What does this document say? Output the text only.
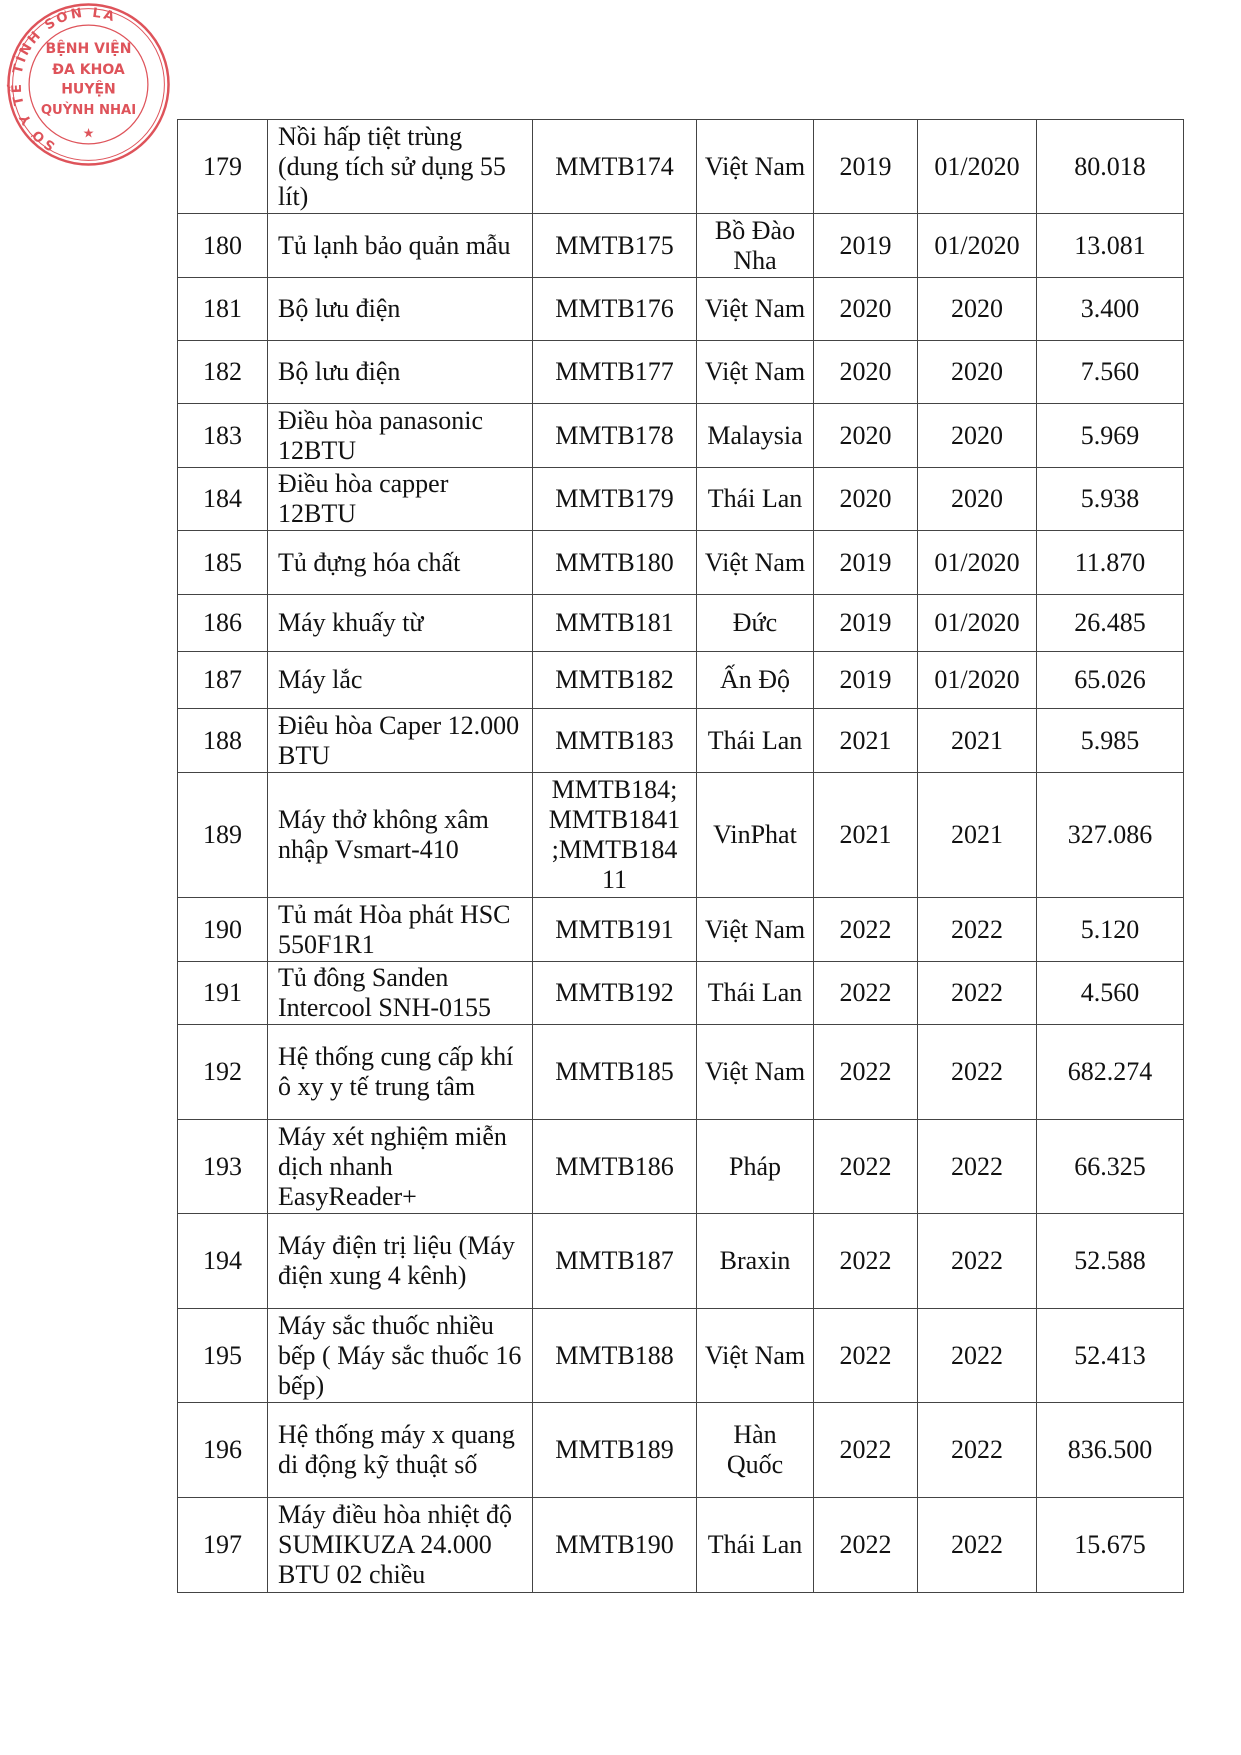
SỞ Y TẾ TỈNH SƠN LA
BỆNH VIỆN
ĐA KHOA
HUYỆN
QUỲNH NHAI
★
179	Nồi hấp tiệt trùng (dung tích sử dụng 55 lít)	MMTB174	Việt Nam	2019	01/2020	80.018
180	Tủ lạnh bảo quản mẫu	MMTB175	Bồ Đào Nha	2019	01/2020	13.081
181	Bộ lưu điện	MMTB176	Việt Nam	2020	2020	3.400
182	Bộ lưu điện	MMTB177	Việt Nam	2020	2020	7.560
183	Điều hòa panasonic 12BTU	MMTB178	Malaysia	2020	2020	5.969
184	Điều hòa capper 12BTU	MMTB179	Thái Lan	2020	2020	5.938
185	Tủ đựng hóa chất	MMTB180	Việt Nam	2019	01/2020	11.870
186	Máy khuấy từ	MMTB181	Đức	2019	01/2020	26.485
187	Máy lắc	MMTB182	Ấn Độ	2019	01/2020	65.026
188	Điêu hòa Caper 12.000 BTU	MMTB183	Thái Lan	2021	2021	5.985
189	Máy thở không xâm nhập Vsmart-410	MMTB184; MMTB1841 ;MMTB184 11	VinPhat	2021	2021	327.086
190	Tủ mát Hòa phát HSC 550F1R1	MMTB191	Việt Nam	2022	2022	5.120
191	Tủ đông Sanden Intercool SNH-0155	MMTB192	Thái Lan	2022	2022	4.560
192	Hệ thống cung cấp khí ô xy y tế trung tâm	MMTB185	Việt Nam	2022	2022	682.274
193	Máy xét nghiệm miễn dịch nhanh EasyReader+	MMTB186	Pháp	2022	2022	66.325
194	Máy điện trị liệu (Máy điện xung 4 kênh)	MMTB187	Braxin	2022	2022	52.588
195	Máy sắc thuốc nhiều bếp ( Máy sắc thuốc 16 bếp)	MMTB188	Việt Nam	2022	2022	52.413
196	Hệ thống máy x quang di động kỹ thuật số	MMTB189	Hàn Quốc	2022	2022	836.500
197	Máy điều hòa nhiệt độ SUMIKUZA 24.000 BTU 02 chiều	MMTB190	Thái Lan	2022	2022	15.675
